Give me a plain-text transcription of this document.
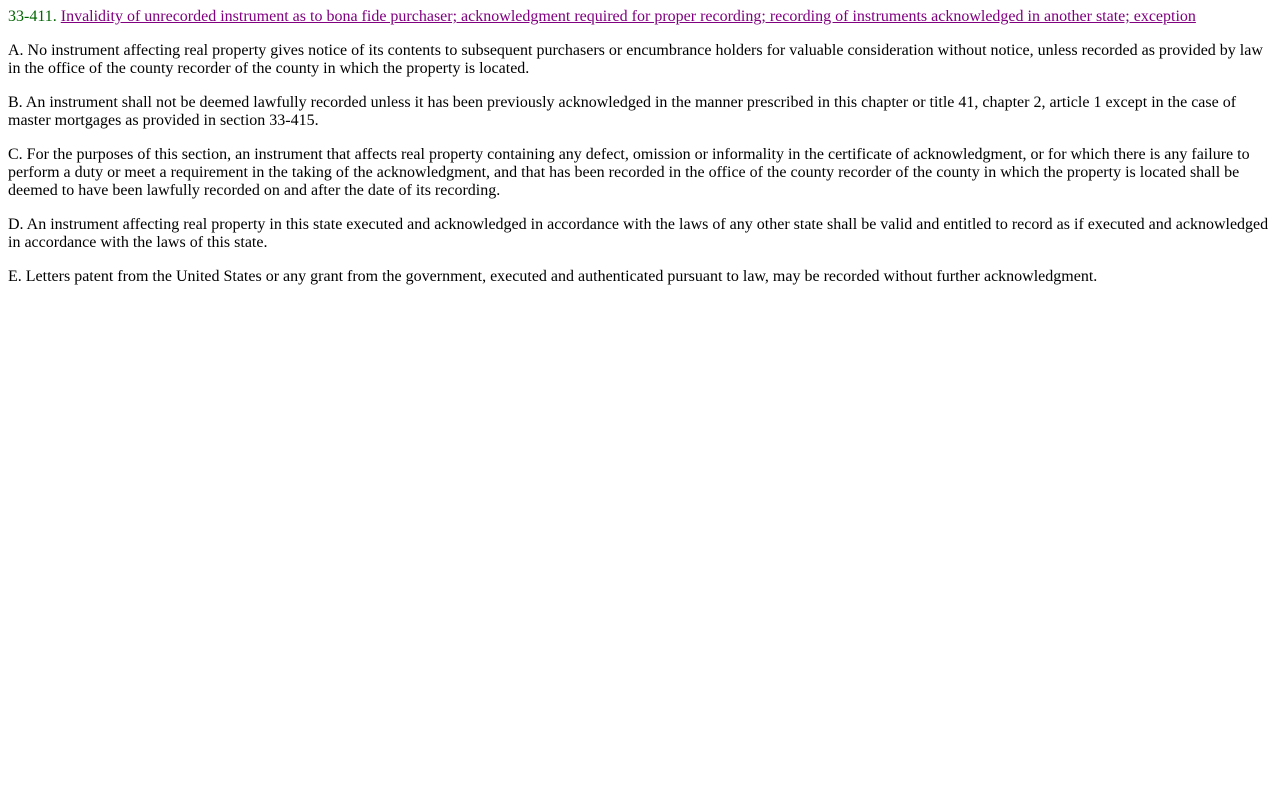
33-411. Invalidity of unrecorded instrument as to bona fide purchaser; acknowledgment required for proper recording; recording of instruments acknowledged in another state; exception

A. No instrument affecting real property gives notice of its contents to subsequent purchasers or encumbrance holders for valuable consideration without notice, unless recorded as provided by law in the office of the county recorder of the county in which the property is located.

B. An instrument shall not be deemed lawfully recorded unless it has been previously acknowledged in the manner prescribed in this chapter or title 41, chapter 2, article 1 except in the case of master mortgages as provided in section 33-415.

C. For the purposes of this section, an instrument that affects real property containing any defect, omission or informality in the certificate of acknowledgment, or for which there is any failure to perform a duty or meet a requirement in the taking of the acknowledgment, and that has been recorded in the office of the county recorder of the county in which the property is located shall be deemed to have been lawfully recorded on and after the date of its recording.

D. An instrument affecting real property in this state executed and acknowledged in accordance with the laws of any other state shall be valid and entitled to record as if executed and acknowledged in accordance with the laws of this state.

E. Letters patent from the United States or any grant from the government, executed and authenticated pursuant to law, may be recorded without further acknowledgment.
